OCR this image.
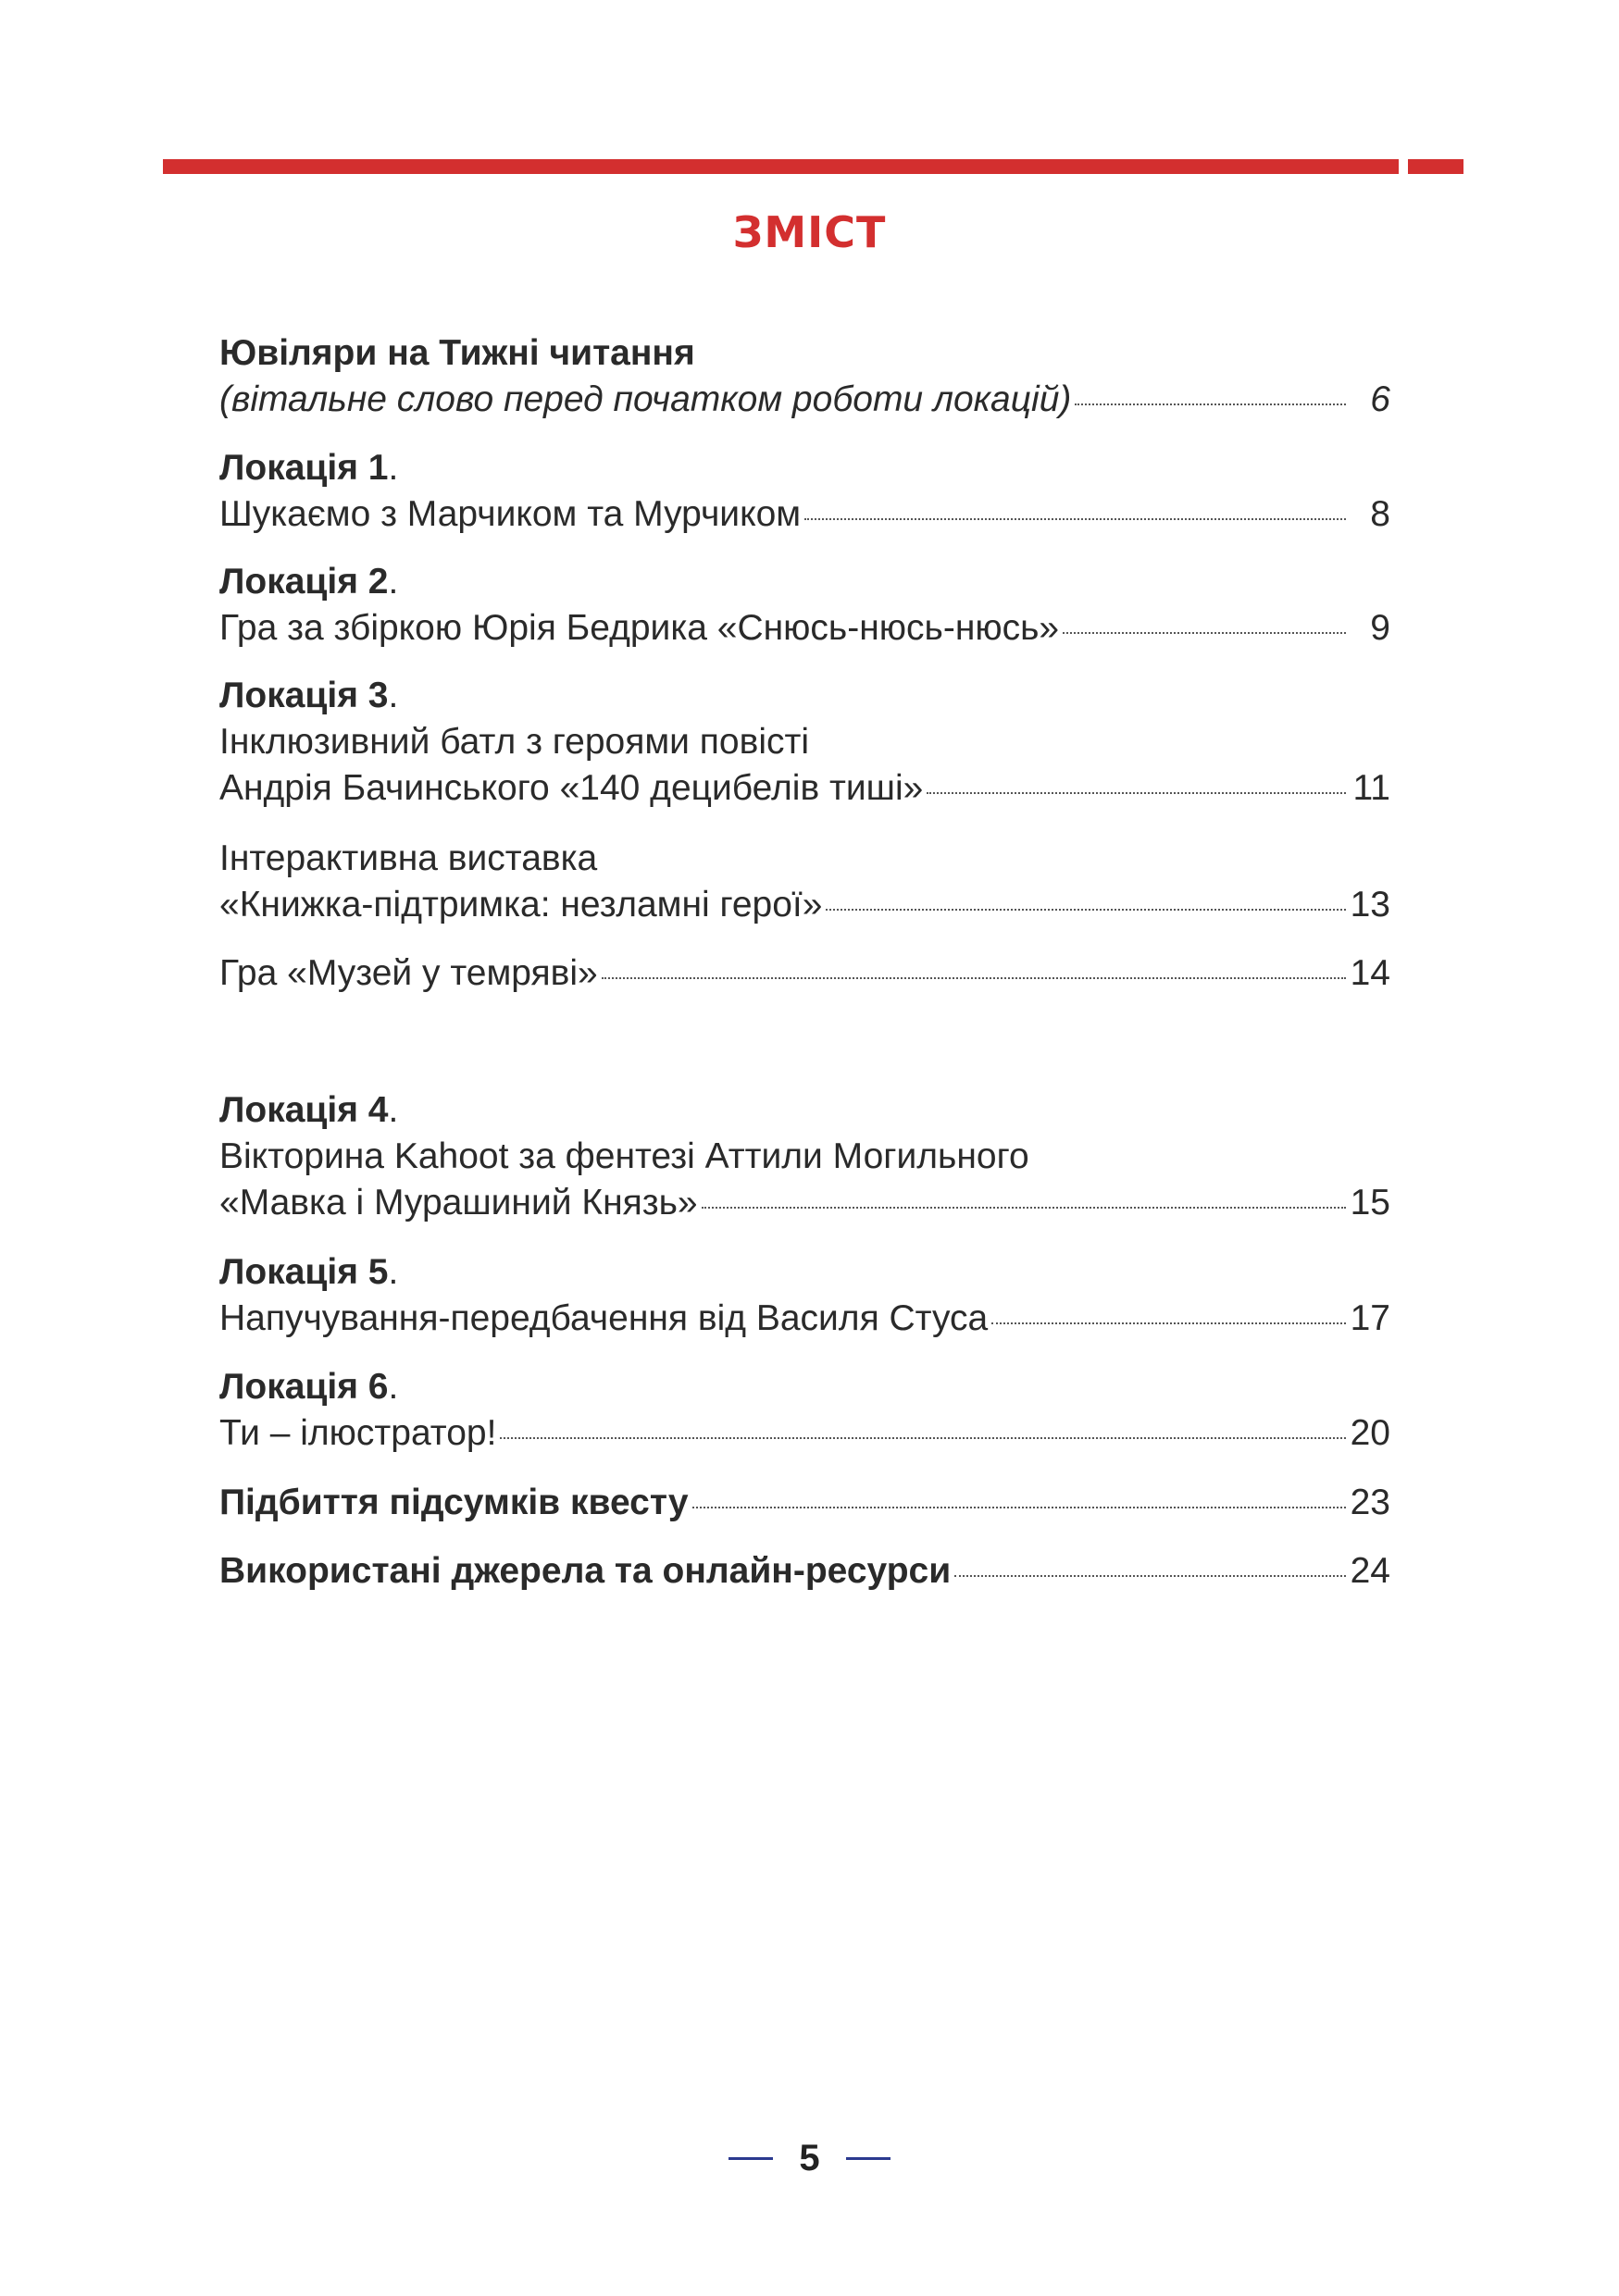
ЗМІСТ
Ювіляри на Тижні читання
(вітальне слово перед початком роботи локацій)	6
Локація 1.
Шукаємо з Марчиком та Мурчиком	8
Локація 2.
Гра за збіркою Юрія Бедрика «Снюсь-нюсь-нюсь»	9
Локація 3.
Інклюзивний батл з героями повісті
Андрія Бачинського «140 децибелів тиші»	11
Інтерактивна виставка
«Книжка-підтримка: незламні герої»	13
Гра «Музей у темряві»	14
Локація 4.
Вікторина Kahoot за фентезі Аттили Могильного
«Мавка і Мурашиний Князь»	15
Локація 5.
Напучування-передбачення від Василя Стуса	17
Локація 6.
Ти – ілюстратор!	20
Підбиття підсумків квесту	23
Використані джерела та онлайн-ресурси	24
5
